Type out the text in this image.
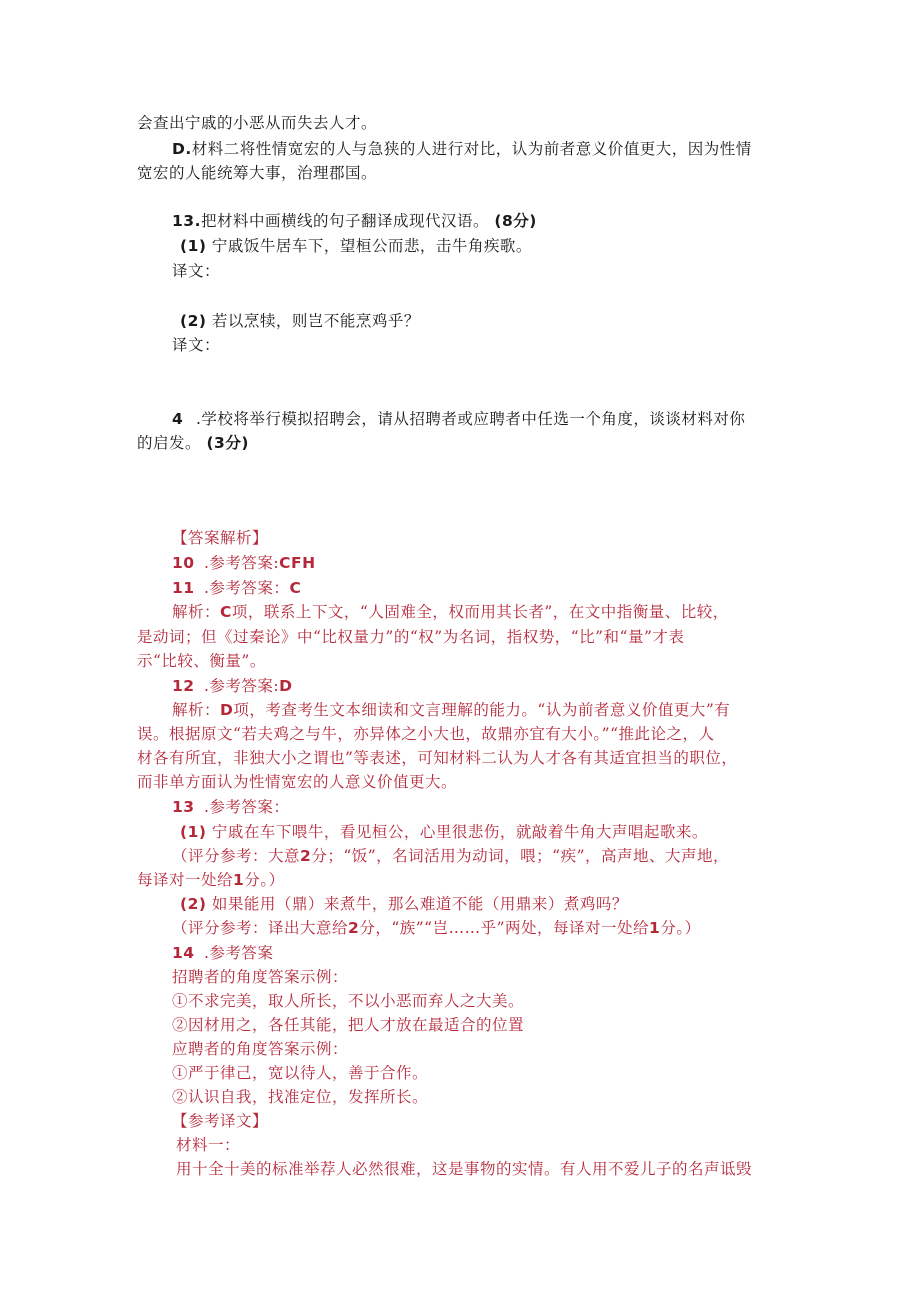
会查出宁戚的小恶从而失去人才。
D.材料二将性情宽宏的人与急狭的人进行对比，认为前者意义价值更大，因为性情
宽宏的人能统筹大事，治理郡国。
13.把材料中画横线的句子翻译成现代汉语。 (8分)
(1) 宁戚饭牛居车下，望桓公而悲，击牛角疾歌。
译文：
(2) 若以烹犊，则岂不能烹鸡乎？
译文：
4 .学校将举行模拟招聘会，请从招聘者或应聘者中任选一个角度，谈谈材料对你
的启发。 (3分)
【答案解析】
10 .参考答案:CFH
11 .参考答案：C
解析：C项，联系上下文，“人固难全，权而用其长者”，在文中指衡量、比较，
是动词；但《过秦论》中“比权量力”的“权”为名词，指权势，“比”和“量”才表
示“比较、衡量”。
12 .参考答案:D
解析：D项，考查考生文本细读和文言理解的能力。“认为前者意义价值更大”有
误。根据原文“若夫鸡之与牛，亦异体之小大也，故鼎亦宜有大小。”“推此论之，人
材各有所宜，非独大小之谓也”等表述，可知材料二认为人才各有其适宜担当的职位，
而非单方面认为性情宽宏的人意义价值更大。
13 .参考答案：
(1) 宁戚在车下喂牛，看见桓公，心里很悲伤，就敲着牛角大声唱起歌来。
（评分参考：大意2分；“饭”，名词活用为动词，喂；“疾”，高声地、大声地，
每译对一处给1分。）
(2) 如果能用（鼎）来煮牛，那么难道不能（用鼎来）煮鸡吗？
（评分参考：译出大意给2分，“族”“岂……乎”两处，每译对一处给1分。）
14 .参考答案
招聘者的角度答案示例：
①不求完美，取人所长，不以小恶而弃人之大美。
②因材用之，各任其能，把人才放在最适合的位置
应聘者的角度答案示例：
①严于律己，宽以待人，善于合作。
②认识自我，找准定位，发挥所长。
【参考译文】
材料一：
用十全十美的标准举荐人必然很难，这是事物的实情。有人用不爱儿子的名声诋毁
